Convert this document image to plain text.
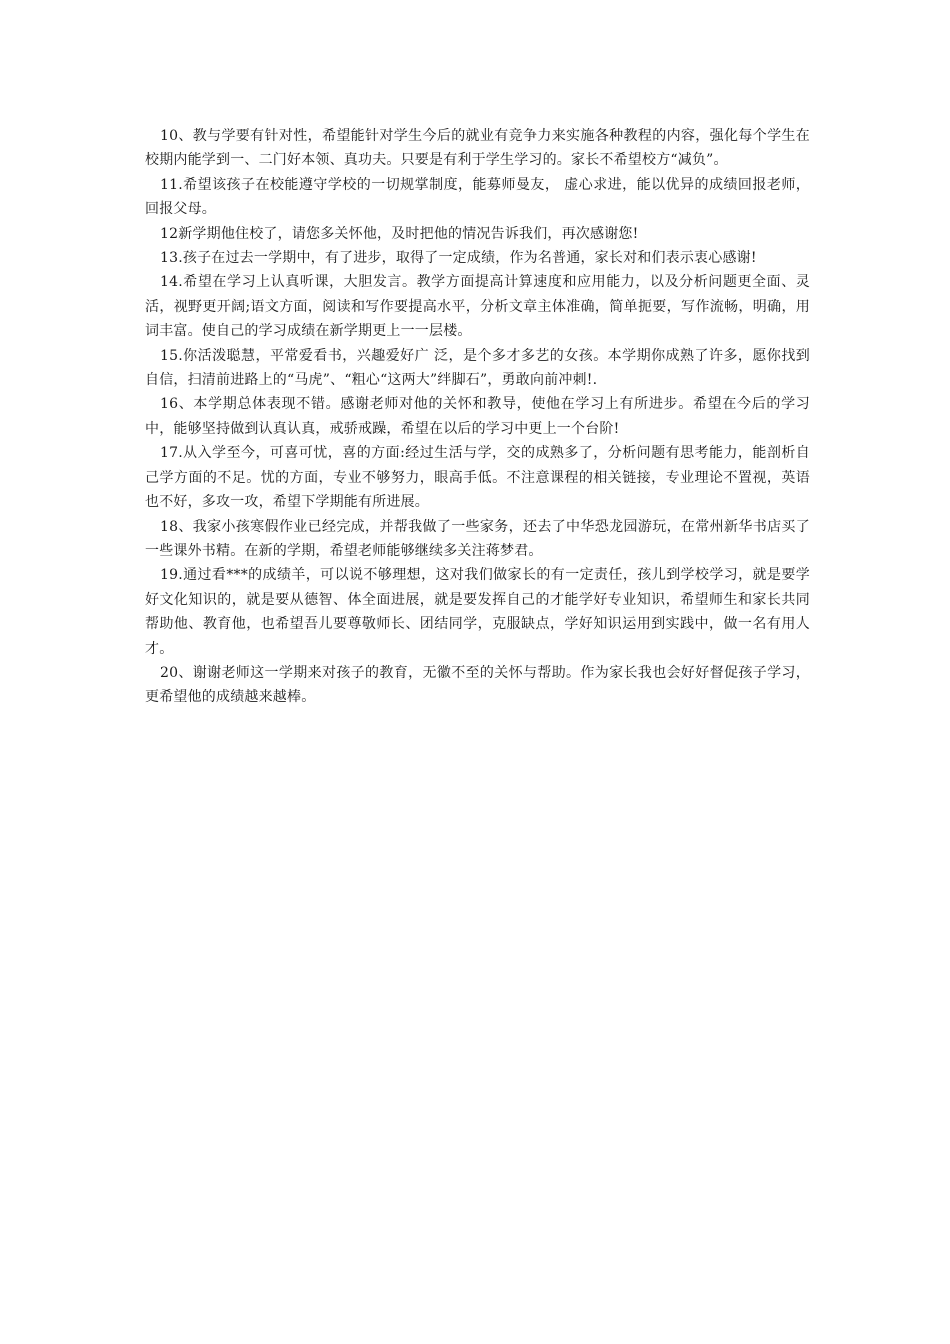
10、教与学要有针对性，希望能针对学生今后的就业有竞争力来实施各种教程的内容，强化每个学生在校期内能学到一、二门好本领、真功夫。只要是有利于学生学习的。家长不希望校方“减负”。

11.希望该孩子在校能遵守学校的一切规掌制度，能募师曼友， 虚心求进，能以优异的成绩回报老师，回报父母。

12新学期他住校了，请您多关怀他，及时把他的情况告诉我们，再次感谢您!

13.孩子在过去一学期中，有了进步，取得了一定成绩，作为名普通，家长对和们表示衷心感谢!

14.希望在学习上认真听课，大胆发言。教学方面提高计算速度和应用能力，以及分析问题更全面、灵活，视野更开阔;语文方面，阅读和写作要提高水平，分析文章主体准确，简单扼要，写作流畅，明确，用词丰富。使自己的学习成绩在新学期更上一一层楼。

15.你活泼聪慧，平常爱看书，兴趣爱好广 泛，是个多才多艺的女孩。本学期你成熟了许多，愿你找到自信，扫清前进路上的“马虎”、“粗心“这两大”绊脚石”，勇敢向前冲刺!.

16、本学期总体表现不错。感谢老师对他的关怀和教导，使他在学习上有所进步。希望在今后的学习中，能够坚持做到认真认真，戒骄戒躁，希望在以后的学习中更上一个台阶!

17.从入学至今，可喜可忧，喜的方面:经过生活与学，交的成熟多了，分析问题有思考能力，能剖析自己学方面的不足。忧的方面，专业不够努力，眼高手低。不注意课程的相关链接，专业理论不置视，英语也不好，多攻一攻，希望下学期能有所进展。

18、我家小孩寒假作业已经完成，并帮我做了一些家务，还去了中华恐龙园游玩，在常州新华书店买了一些课外书精。在新的学期，希望老师能够继续多关注蒋梦君。

19.通过看***的成绩羊，可以说不够理想，这对我们做家长的有一定责任，孩儿到学校学习，就是要学好文化知识的，就是要从德智、体全面进展，就是要发挥自己的才能学好专业知识，希望师生和家长共同帮助他、教育他，也希望吾儿要尊敬师长、团结同学，克服缺点，学好知识运用到实践中，做一名有用人才。

20、谢谢老师这一学期来对孩子的教育，无徽不至的关怀与帮助。作为家长我也会好好督促孩子学习，更希望他的成绩越来越棒。
